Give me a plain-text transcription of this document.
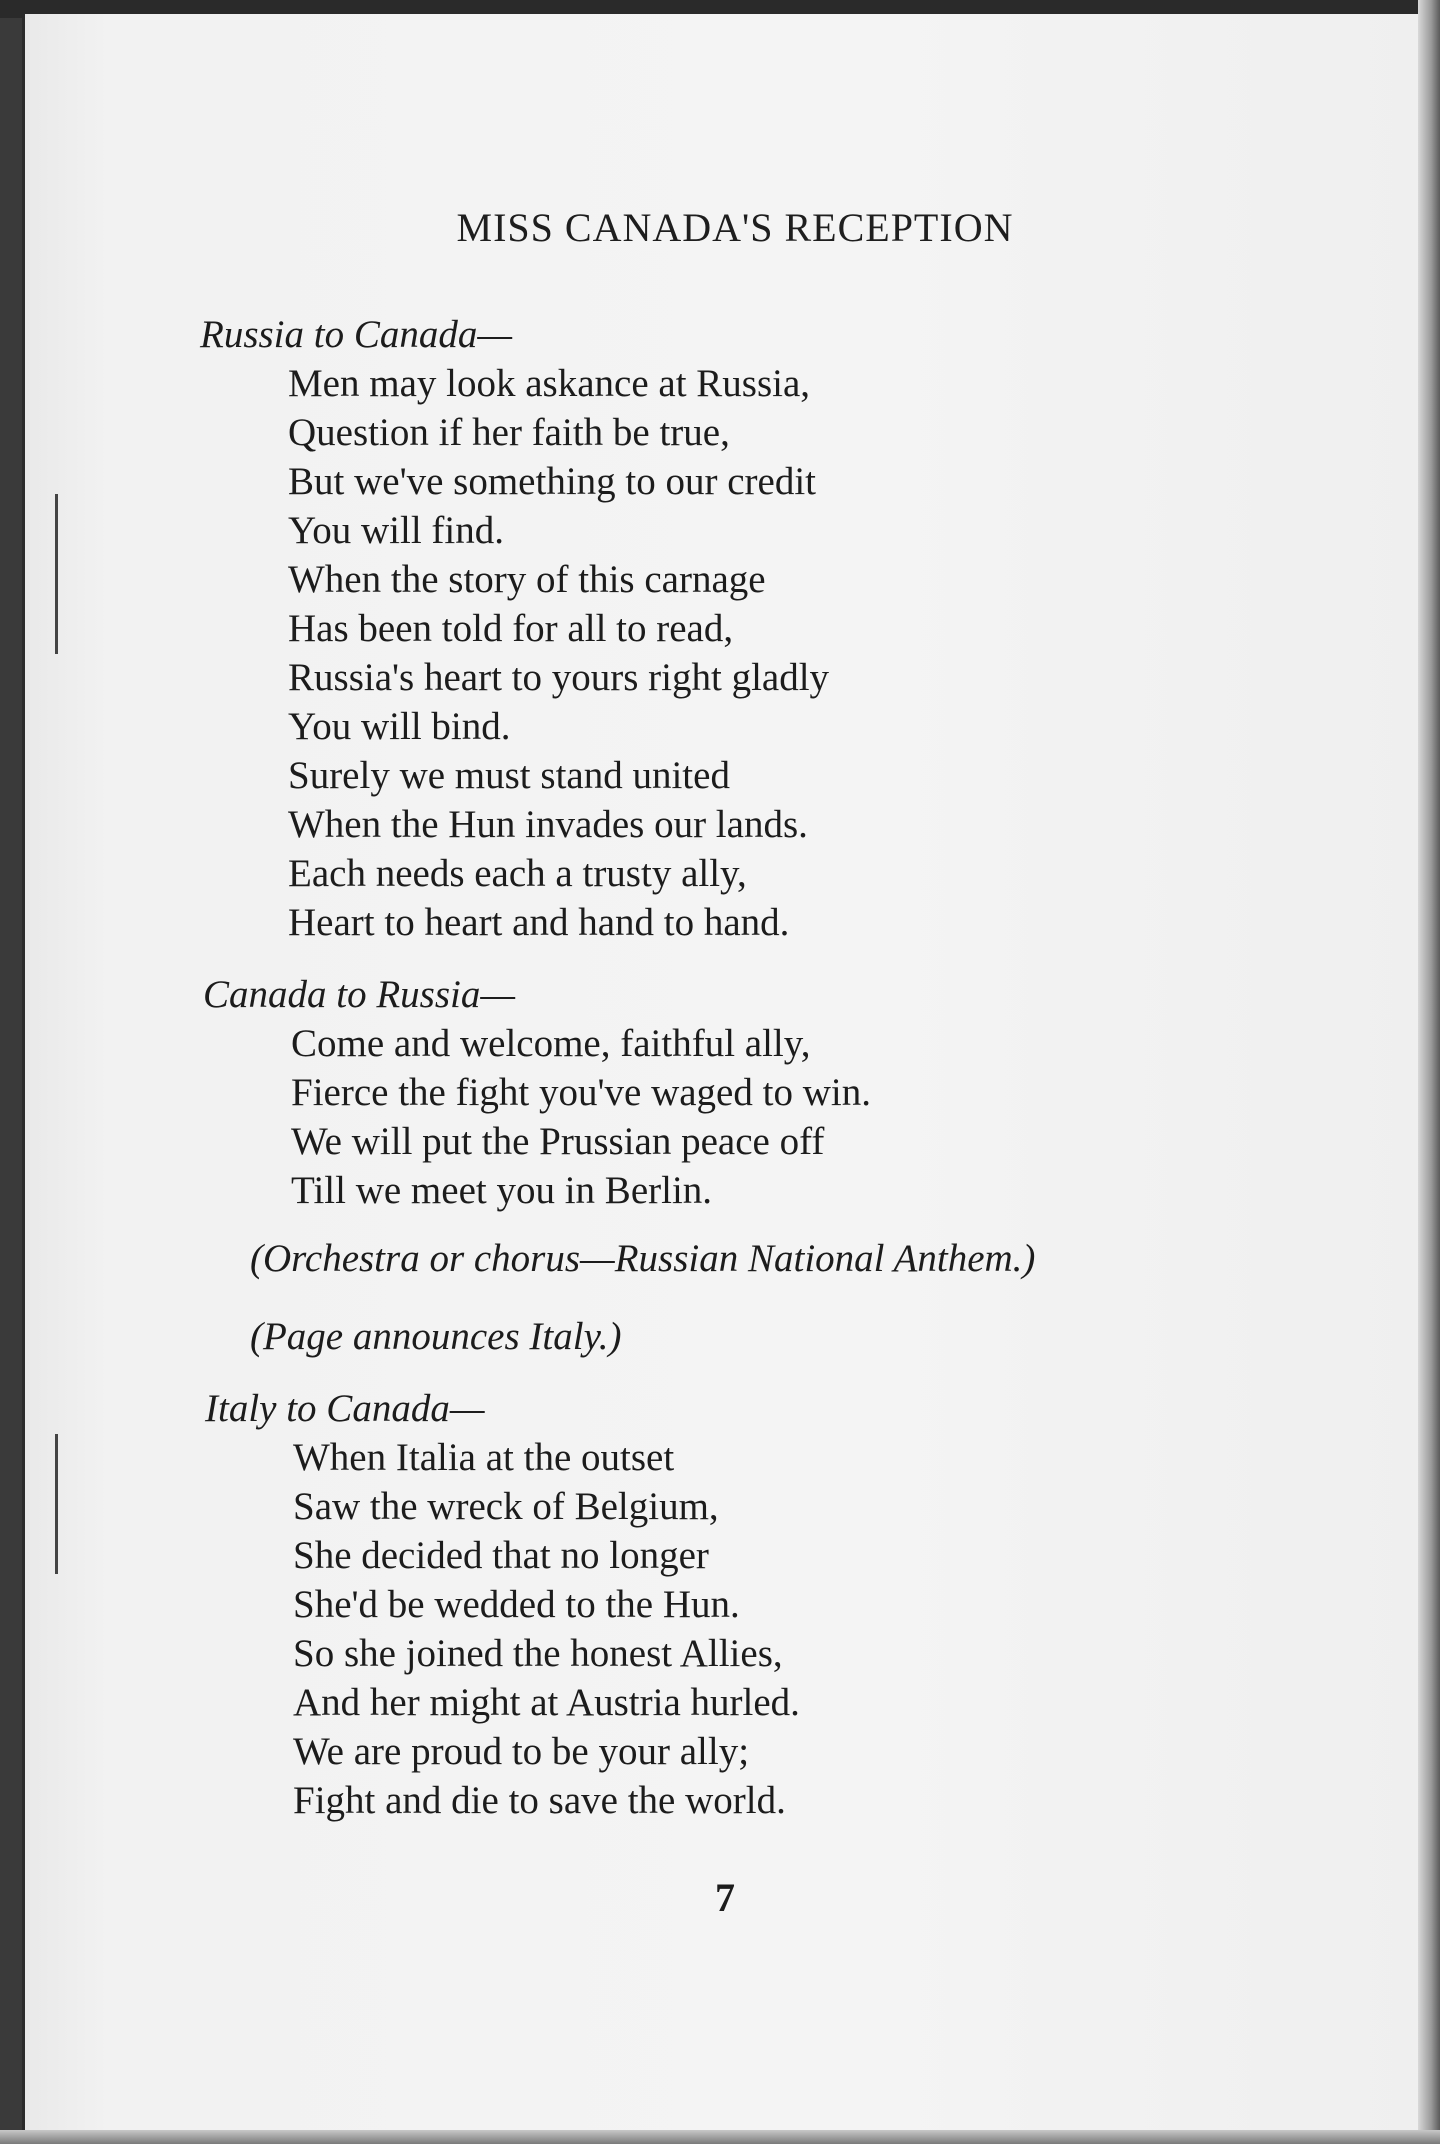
MISS CANADA'S RECEPTION
Russia to Canada—
Men may look askance at Russia,
Question if her faith be true,
But we've something to our credit
You will find.
When the story of this carnage
Has been told for all to read,
Russia's heart to yours right gladly
You will bind.
Surely we must stand united
When the Hun invades our lands.
Each needs each a trusty ally,
Heart to heart and hand to hand.
Canada to Russia—
Come and welcome, faithful ally,
Fierce the fight you've waged to win.
We will put the Prussian peace off
Till we meet you in Berlin.
(Orchestra or chorus—Russian National Anthem.)
(Page announces Italy.)
Italy to Canada—
When Italia at the outset
Saw the wreck of Belgium,
She decided that no longer
She'd be wedded to the Hun.
So she joined the honest Allies,
And her might at Austria hurled.
We are proud to be your ally;
Fight and die to save the world.
7
